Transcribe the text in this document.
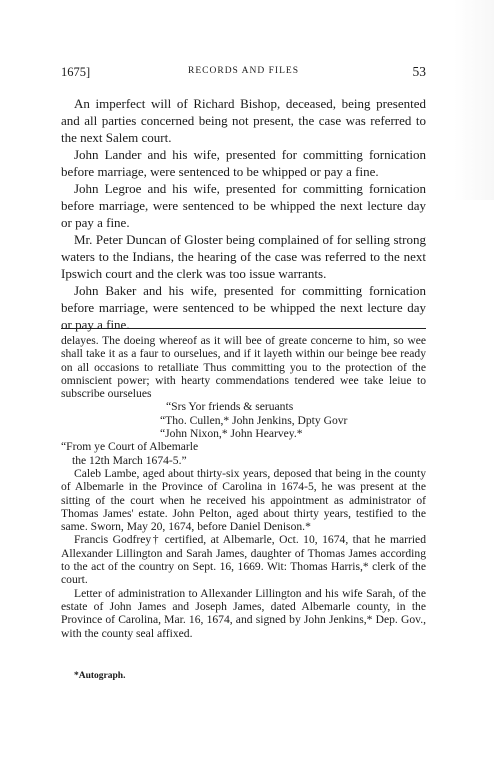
1675]	RECORDS AND FILES	53

An imperfect will of Richard Bishop, deceased, being presented and all parties concerned being not present, the case was referred to the next Salem court.

John Lander and his wife, presented for committing fornication before marriage, were sentenced to be whipped or pay a fine.

John Legroe and his wife, presented for committing fornication before marriage, were sentenced to be whipped the next lecture day or pay a fine.

Mr. Peter Duncan of Gloster being complained of for selling strong waters to the Indians, the hearing of the case was referred to the next Ipswich court and the clerk was too issue warrants.

John Baker and his wife, presented for committing fornication before marriage, were sentenced to be whipped the next lecture day or pay a fine.

delayes. The doeing whereof as it will bee of greate concerne to him, so wee shall take it as a faur to ourselues, and if it layeth within our beinge bee ready on all occasions to retalliate Thus committing you to the protection of the omniscient power; with hearty commendations tendered wee take leiue to subscribe ourselues

“Srs Yor friends & seruants

“Tho. Cullen,* John Jenkins, Dpty Govr

“John Nixon,* John Hearvey.*

“From ye Court of Albemarle

the 12th March 1674-5.”

Caleb Lambe, aged about thirty-six years, deposed that being in the county of Albemarle in the Province of Carolina in 1674-5, he was present at the sitting of the court when he received his appointment as administrator of Thomas James' estate. John Pelton, aged about thirty years, testified to the same. Sworn, May 20, 1674, before Daniel Denison.*

Francis Godfrey† certified, at Albemarle, Oct. 10, 1674, that he married Allexander Lillington and Sarah James, daughter of Thomas James according to the act of the country on Sept. 16, 1669. Wit: Thomas Harris,* clerk of the court.

Letter of administration to Allexander Lillington and his wife Sarah, of the estate of John James and Joseph James, dated Albemarle county, in the Province of Carolina, Mar. 16, 1674, and signed by John Jenkins,* Dep. Gov., with the county seal affixed.

*Autograph.
